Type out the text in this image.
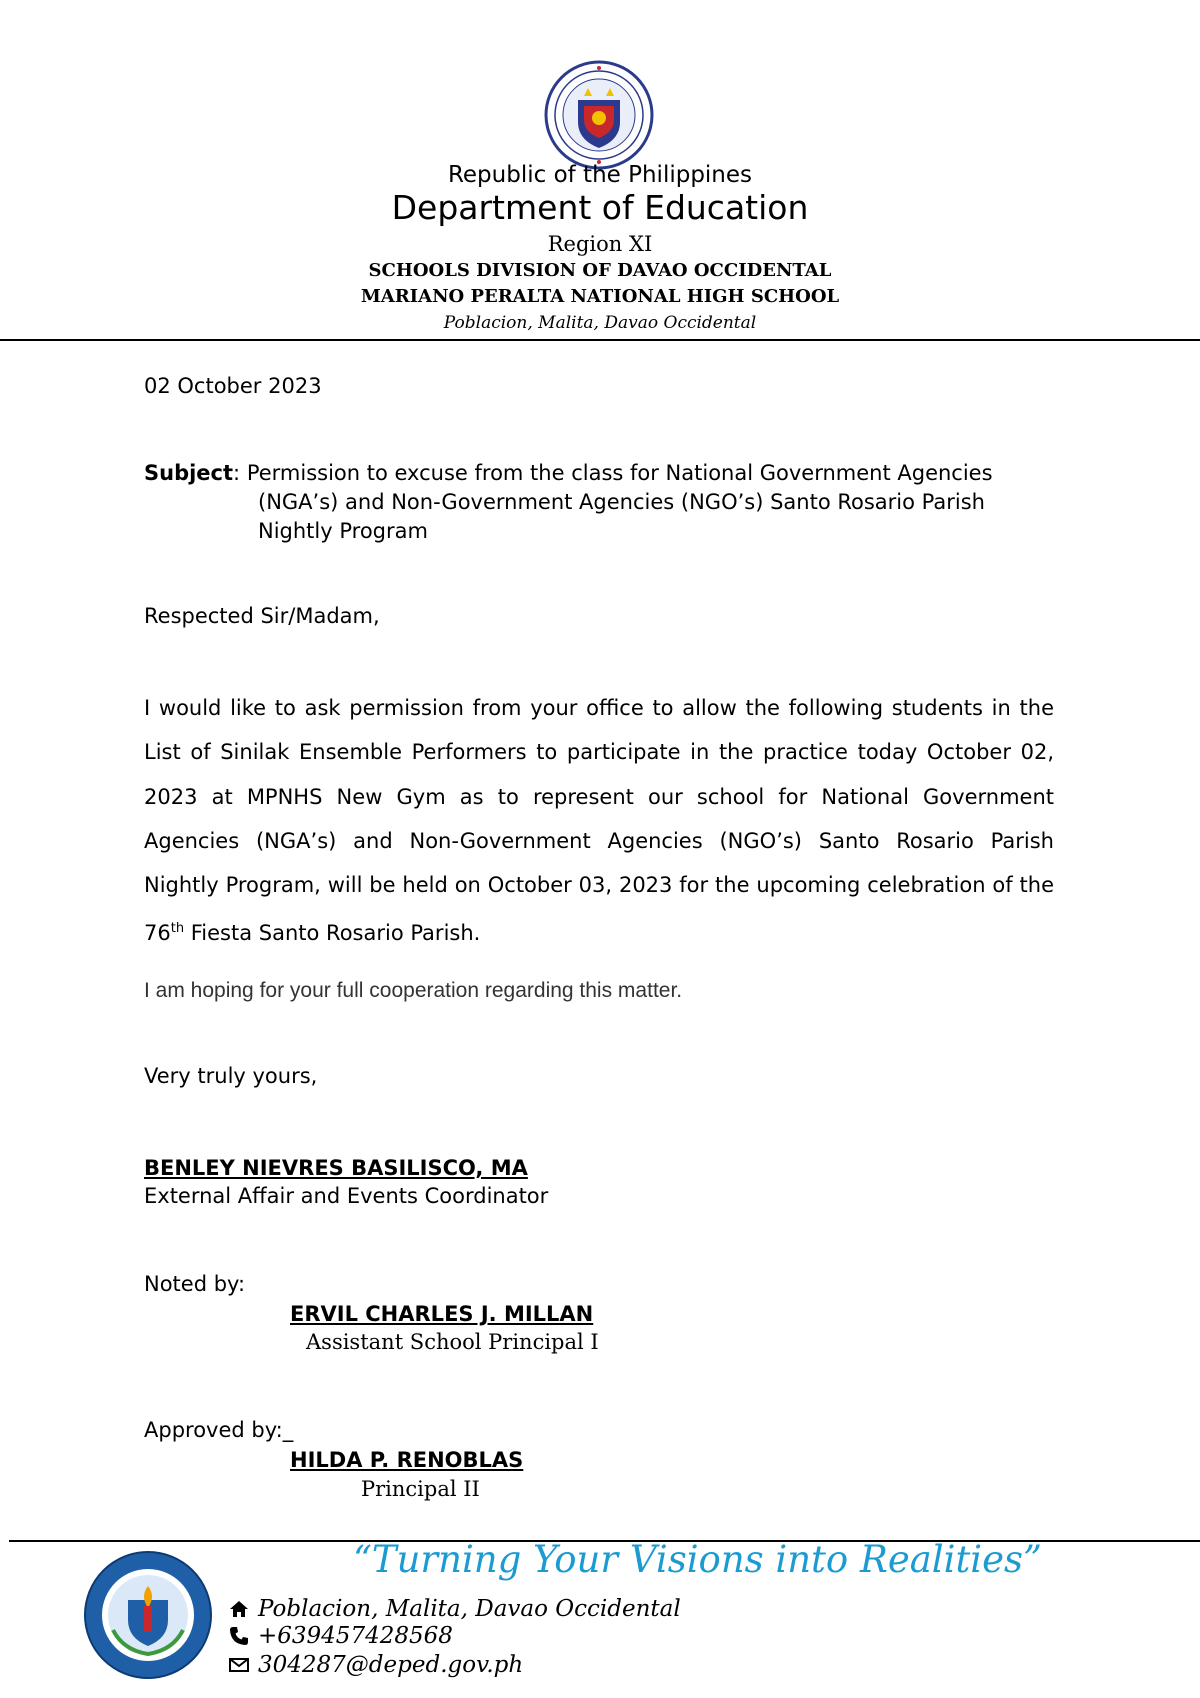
Republic of the Philippines
Department of Education
Region XI
SCHOOLS DIVISION OF DAVAO OCCIDENTAL
MARIANO PERALTA NATIONAL HIGH SCHOOL
Poblacion, Malita, Davao Occidental
02 October 2023
Subject: Permission to excuse from the class for National Government Agencies
(NGA’s) and Non-Government Agencies (NGO’s) Santo Rosario Parish
Nightly Program
Respected Sir/Madam,
I would like to ask permission from your office to allow the following students in the List of Sinilak Ensemble Performers to participate in the practice today October 02, 2023 at MPNHS New Gym as to represent our school for National Government Agencies (NGA’s) and Non-Government Agencies (NGO’s) Santo Rosario Parish Nightly Program, will be held on October 03, 2023 for the upcoming celebration of the 76th Fiesta Santo Rosario Parish.
I am hoping for your full cooperation regarding this matter.
Very truly yours,
BENLEY NIEVRES BASILISCO, MA
External Affair and Events Coordinator
Noted by:
ERVIL CHARLES J. MILLAN
Assistant School Principal I
Approved by:_
HILDA P. RENOBLAS
Principal II
“Turning Your Visions into Realities”
Poblacion, Malita, Davao Occidental
+639457428568
304287@deped.gov.ph
